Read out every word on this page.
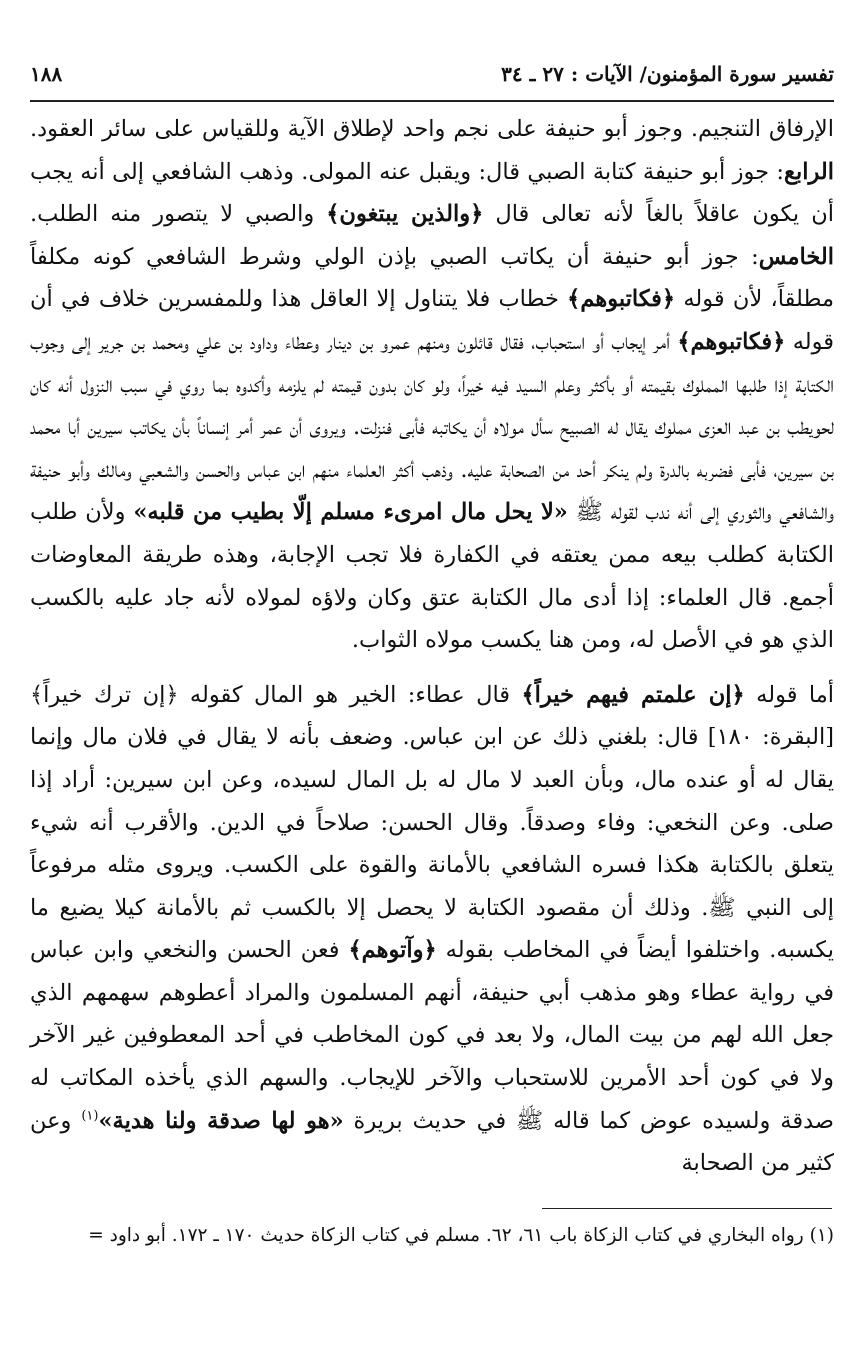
تفسير سورة المؤمنون/ الآيات : ٢٧ ـ ٣٤
١٨٨

الإرفاق التنجيم. وجوز أبو حنيفة على نجم واحد لإطلاق الآية وللقياس على سائر العقود. الرابع: جوز أبو حنيفة كتابة الصبي قال: ويقبل عنه المولى. وذهب الشافعي إلى أنه يجب أن يكون عاقلاً بالغاً لأنه تعالى قال ﴿والذين يبتغون﴾ والصبي لا يتصور منه الطلب. الخامس: جوز أبو حنيفة أن يكاتب الصبي بإذن الولي وشرط الشافعي كونه مكلفاً مطلقاً، لأن قوله ﴿فكاتبوهم﴾ خطاب فلا يتناول إلا العاقل هذا وللمفسرين خلاف في أن قوله ﴿فكاتبوهم﴾ أمر إيجاب أو استحباب، فقال قائلون ومنهم عمرو بن دينار وعطاء وداود بن علي ومحمد بن جرير إلى وجوب الكتابة إذا طلبها المملوك بقيمته أو بأكثر وعلم السيد فيه خيراً، ولو كان بدون قيمته لم يلزمه وأكدوه بما روي في سبب النزول أنه كان لحويطب بن عبد العزى مملوك يقال له الصبيح سأل مولاه أن يكاتبه فأبى فنزلت. ويروى أن عمر أمر إنساناً بأن يكاتب سيرين أبا محمد بن سيرين، فأبى فضربه بالدرة ولم ينكر أحد من الصحابة عليه. وذهب أكثر العلماء منهم ابن عباس والحسن والشعبي ومالك وأبو حنيفة والشافعي والثوري إلى أنه ندب لقوله ﷺ «لا يحل مال امرىء مسلم إلّا بطيب من قلبه» ولأن طلب الكتابة كطلب بيعه ممن يعتقه في الكفارة فلا تجب الإجابة، وهذه طريقة المعاوضات أجمع. قال العلماء: إذا أدى مال الكتابة عتق وكان ولاؤه لمولاه لأنه جاد عليه بالكسب الذي هو في الأصل له، ومن هنا يكسب مولاه الثواب.

أما قوله ﴿إن علمتم فيهم خيراً﴾ قال عطاء: الخير هو المال كقوله ﴿إن ترك خيراً﴾ [البقرة: ١٨٠] قال: بلغني ذلك عن ابن عباس. وضعف بأنه لا يقال في فلان مال وإنما يقال له أو عنده مال، وبأن العبد لا مال له بل المال لسيده، وعن ابن سيرين: أراد إذا صلى. وعن النخعي: وفاء وصدقاً. وقال الحسن: صلاحاً في الدين. والأقرب أنه شيء يتعلق بالكتابة هكذا فسره الشافعي بالأمانة والقوة على الكسب. ويروى مثله مرفوعاً إلى النبي ﷺ. وذلك أن مقصود الكتابة لا يحصل إلا بالكسب ثم بالأمانة كيلا يضيع ما يكسبه. واختلفوا أيضاً في المخاطب بقوله ﴿وآتوهم﴾ فعن الحسن والنخعي وابن عباس في رواية عطاء وهو مذهب أبي حنيفة، أنهم المسلمون والمراد أعطوهم سهمهم الذي جعل الله لهم من بيت المال، ولا بعد في كون المخاطب في أحد المعطوفين غير الآخر ولا في كون أحد الأمرين للاستحباب والآخر للإيجاب. والسهم الذي يأخذه المكاتب له صدقة ولسيده عوض كما قاله ﷺ في حديث بريرة «هو لها صدقة ولنا هدية»$^{(١)}$ وعن كثير من الصحابة

(١) رواه البخاري في كتاب الزكاة باب ٦١، ٦٢. مسلم في كتاب الزكاة حديث ١٧٠ ـ ١٧٢. أبو داود =
